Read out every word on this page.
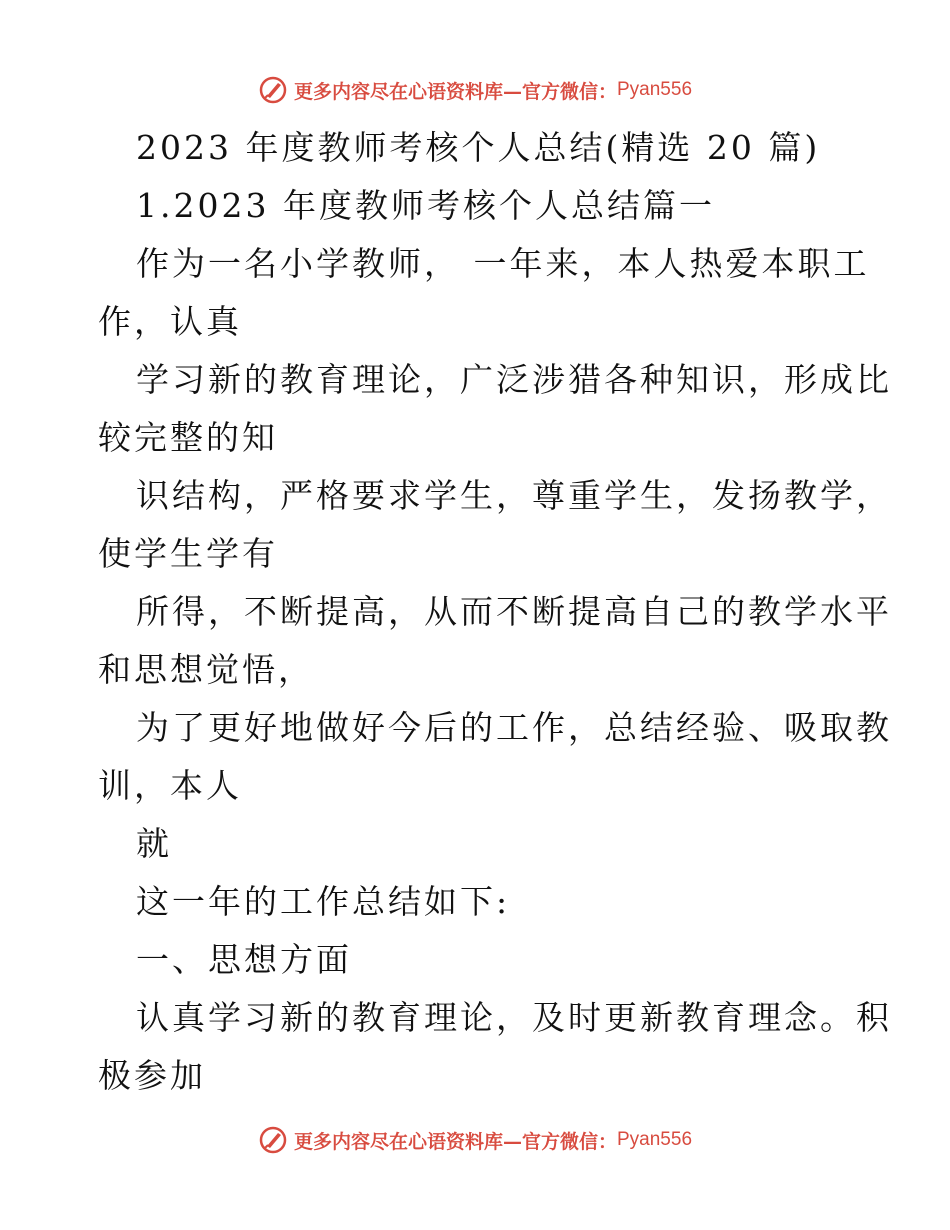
更多内容尽在心语资料库—官方微信： Pyan556
2023 年度教师考核个人总结(精选 20 篇)
1.2023 年度教师考核个人总结篇一
作为一名小学教师， 一年来，本人热爱本职工
作，认真
学习新的教育理论，广泛涉猎各种知识，形成比
较完整的知
识结构，严格要求学生，尊重学生，发扬教学，
使学生学有
所得，不断提高，从而不断提高自己的教学水平
和思想觉悟，
为了更好地做好今后的工作，总结经验、吸取教
训，本人
就
这一年的工作总结如下:
一、思想方面
认真学习新的教育理论，及时更新教育理念。积
极参加
更多内容尽在心语资料库—官方微信： Pyan556
